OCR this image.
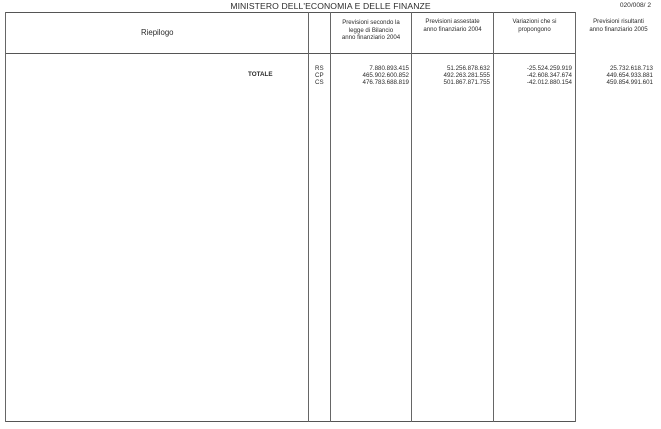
MINISTERO DELL'ECONOMIA E DELLE FINANZE	020/008/ 2
Riepilogo
Previsioni secondo la
legge di Bilancio
anno finanziario 2004
Previsioni assestate
anno finanziario 2004
Variazioni che si
propongono
Previsioni risultanti
anno finanziario 2005
TOTALE
RS
CP
CS
7.880.893.415
465.902.600.852
476.783.688.819
51.256.878.632
492.263.281.555
501.867.871.755
-25.524.259.919
-42.608.347.674
-42.012.880.154
25.732.618.713
449.654.933.881
459.854.991.601
